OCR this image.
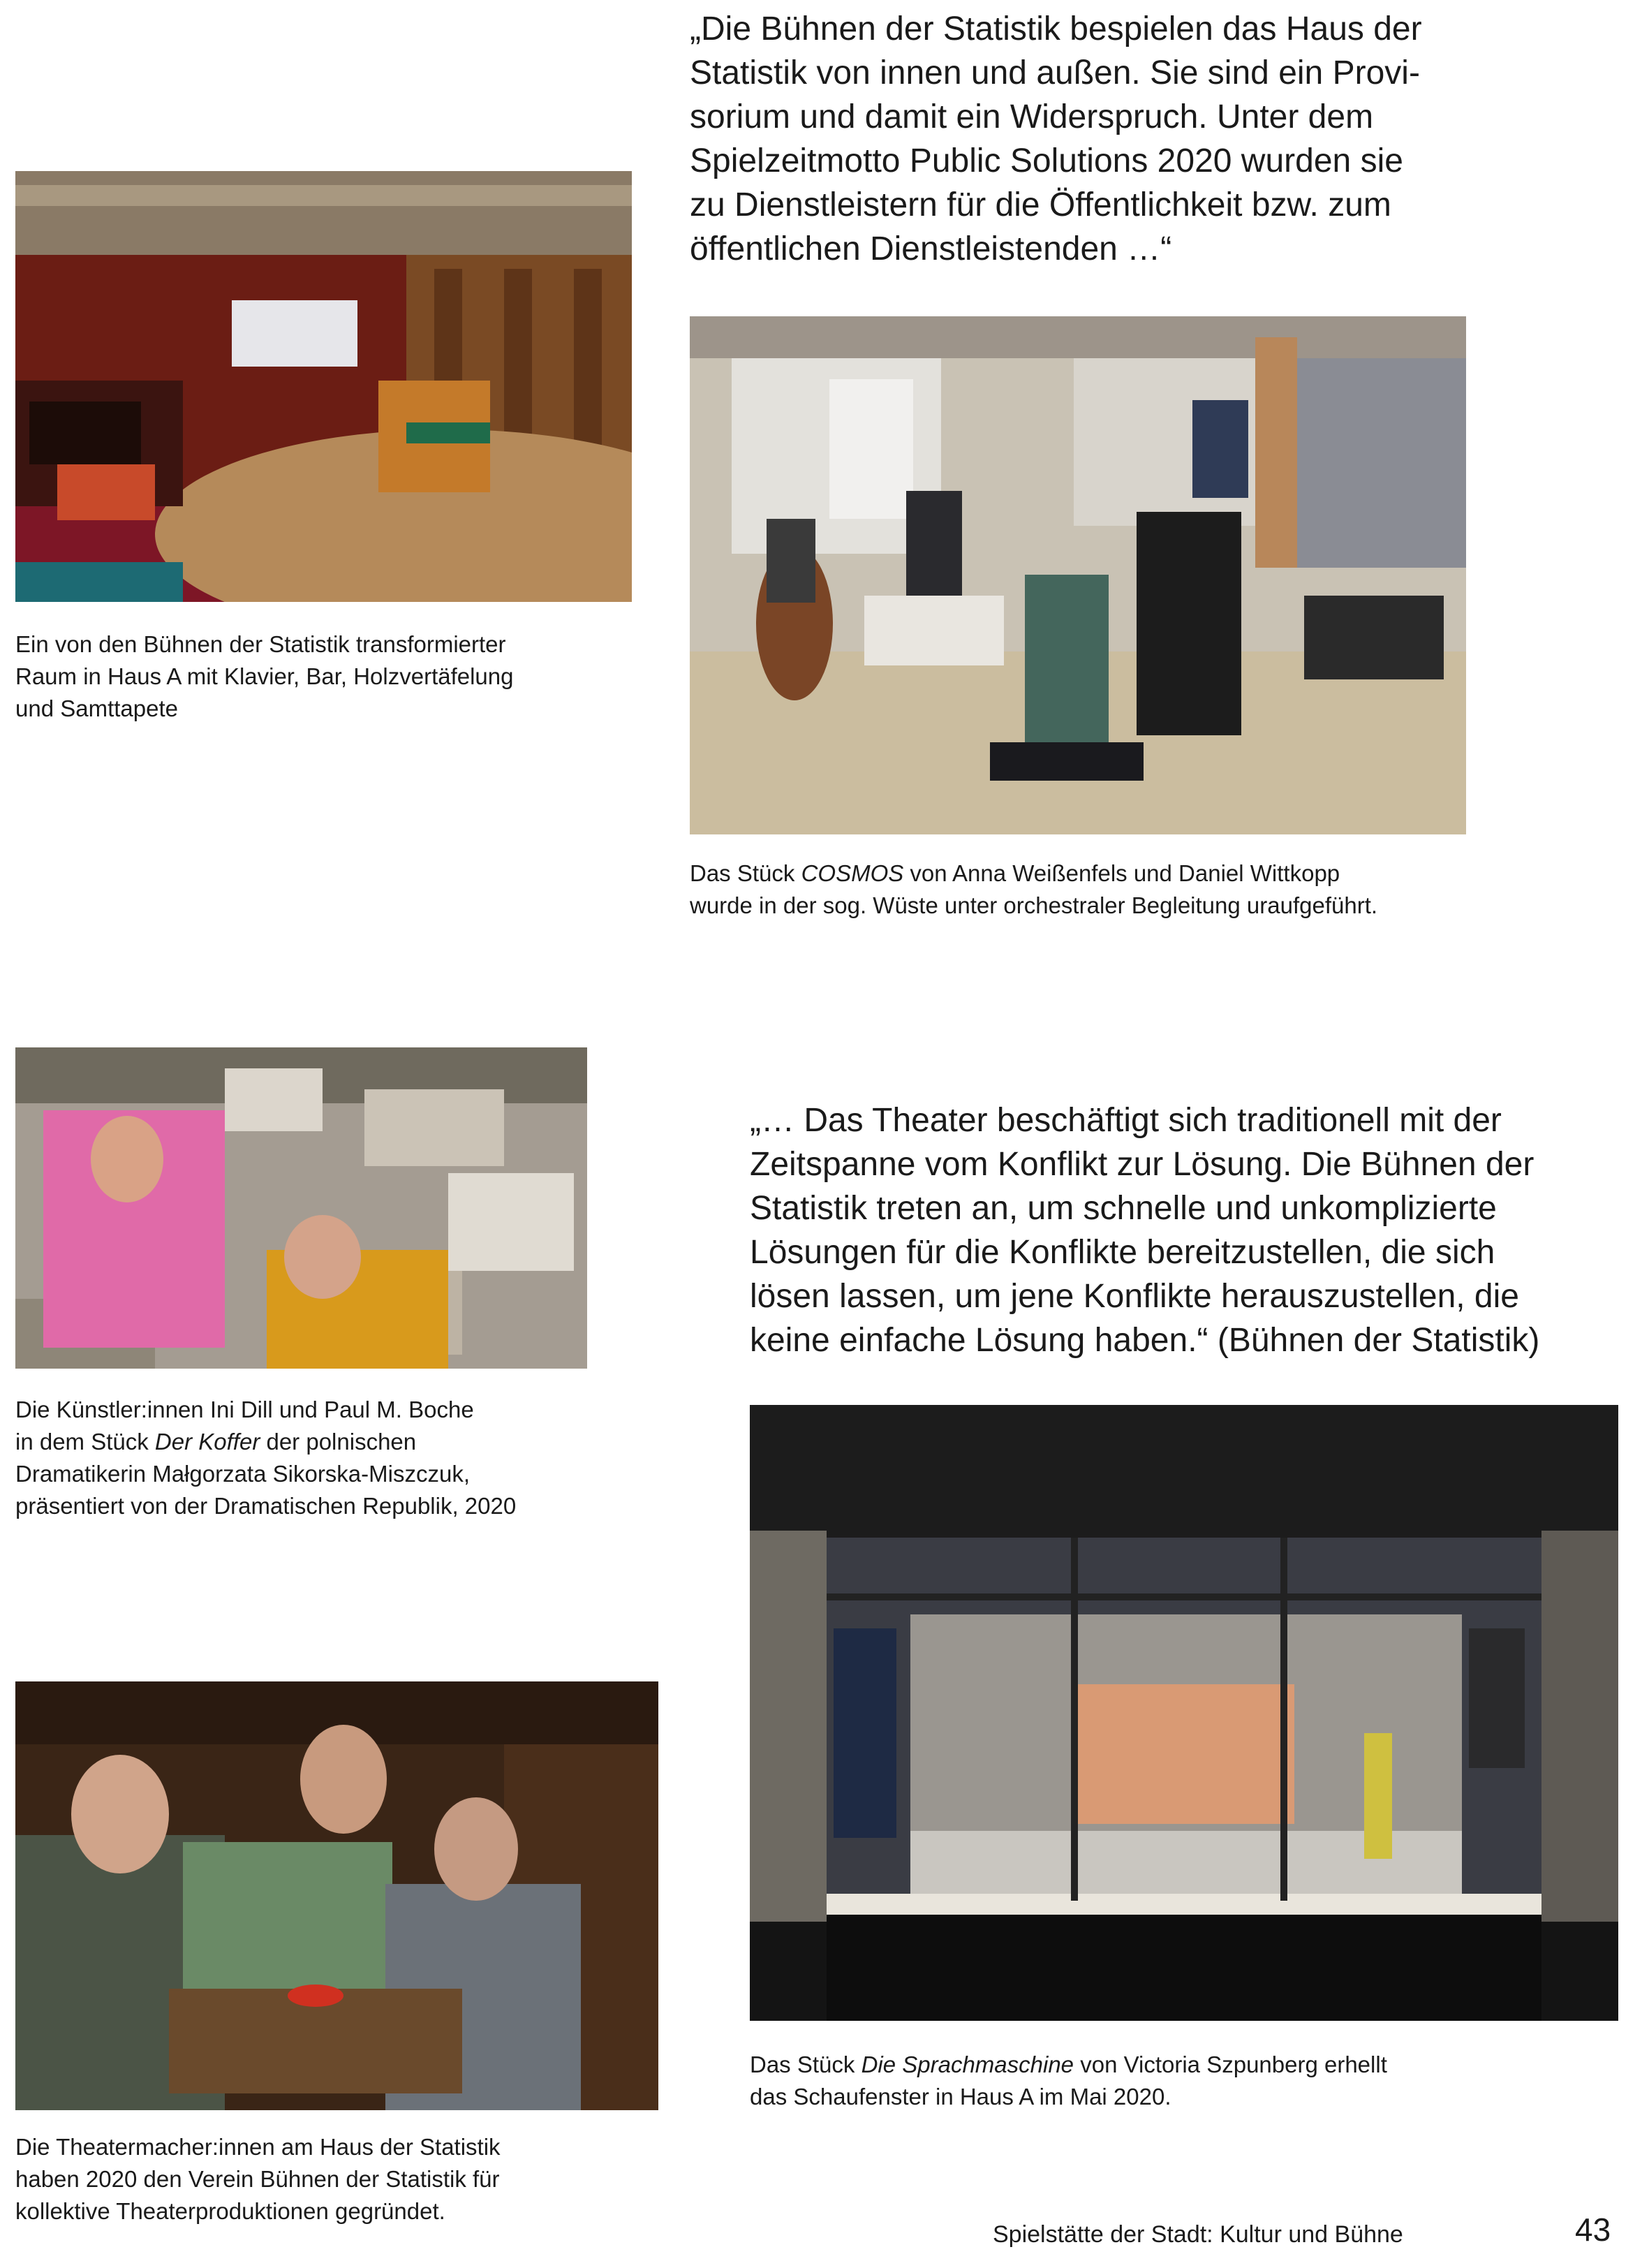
„Die Bühnen der Statistik bespielen das Haus der
Statistik von innen und außen. Sie sind ein Provi-
sorium und damit ein Widerspruch. Unter dem
Spielzeitmotto Public Solutions 2020 wurden sie
zu Dienstleistern für die Öffentlichkeit bzw. zum
öffentlichen Dienstleistenden …“
Ein von den Bühnen der Statistik transformierter
Raum in Haus A mit Klavier, Bar, Holzvertäfelung
und Samttapete
Das Stück COSMOS von Anna Weißenfels und Daniel Wittkopp
wurde in der sog. Wüste unter orchestraler Begleitung uraufgeführt.
Die Künstler:innen Ini Dill und Paul M. Boche
in dem Stück Der Koffer der polnischen
Dramatikerin Małgorzata Sikorska-Miszczuk,
präsentiert von der Dramatischen Republik, 2020
„… Das Theater beschäftigt sich traditionell mit der
Zeitspanne vom Konflikt zur Lösung. Die Bühnen der
Statistik treten an, um schnelle und unkomplizierte
Lösungen für die Konflikte bereitzustellen, die sich
lösen lassen, um jene Konflikte herauszustellen, die
keine einfache Lösung haben.“ (Bühnen der Statistik)
Das Stück Die Sprachmaschine von Victoria Szpunberg erhellt
das Schaufenster in Haus A im Mai 2020.
Die Theatermacher:innen am Haus der Statistik
haben 2020 den Verein Bühnen der Statistik für
kollektive Theaterproduktionen gegründet.
Spielstätte der Stadt: Kultur und Bühne	43
